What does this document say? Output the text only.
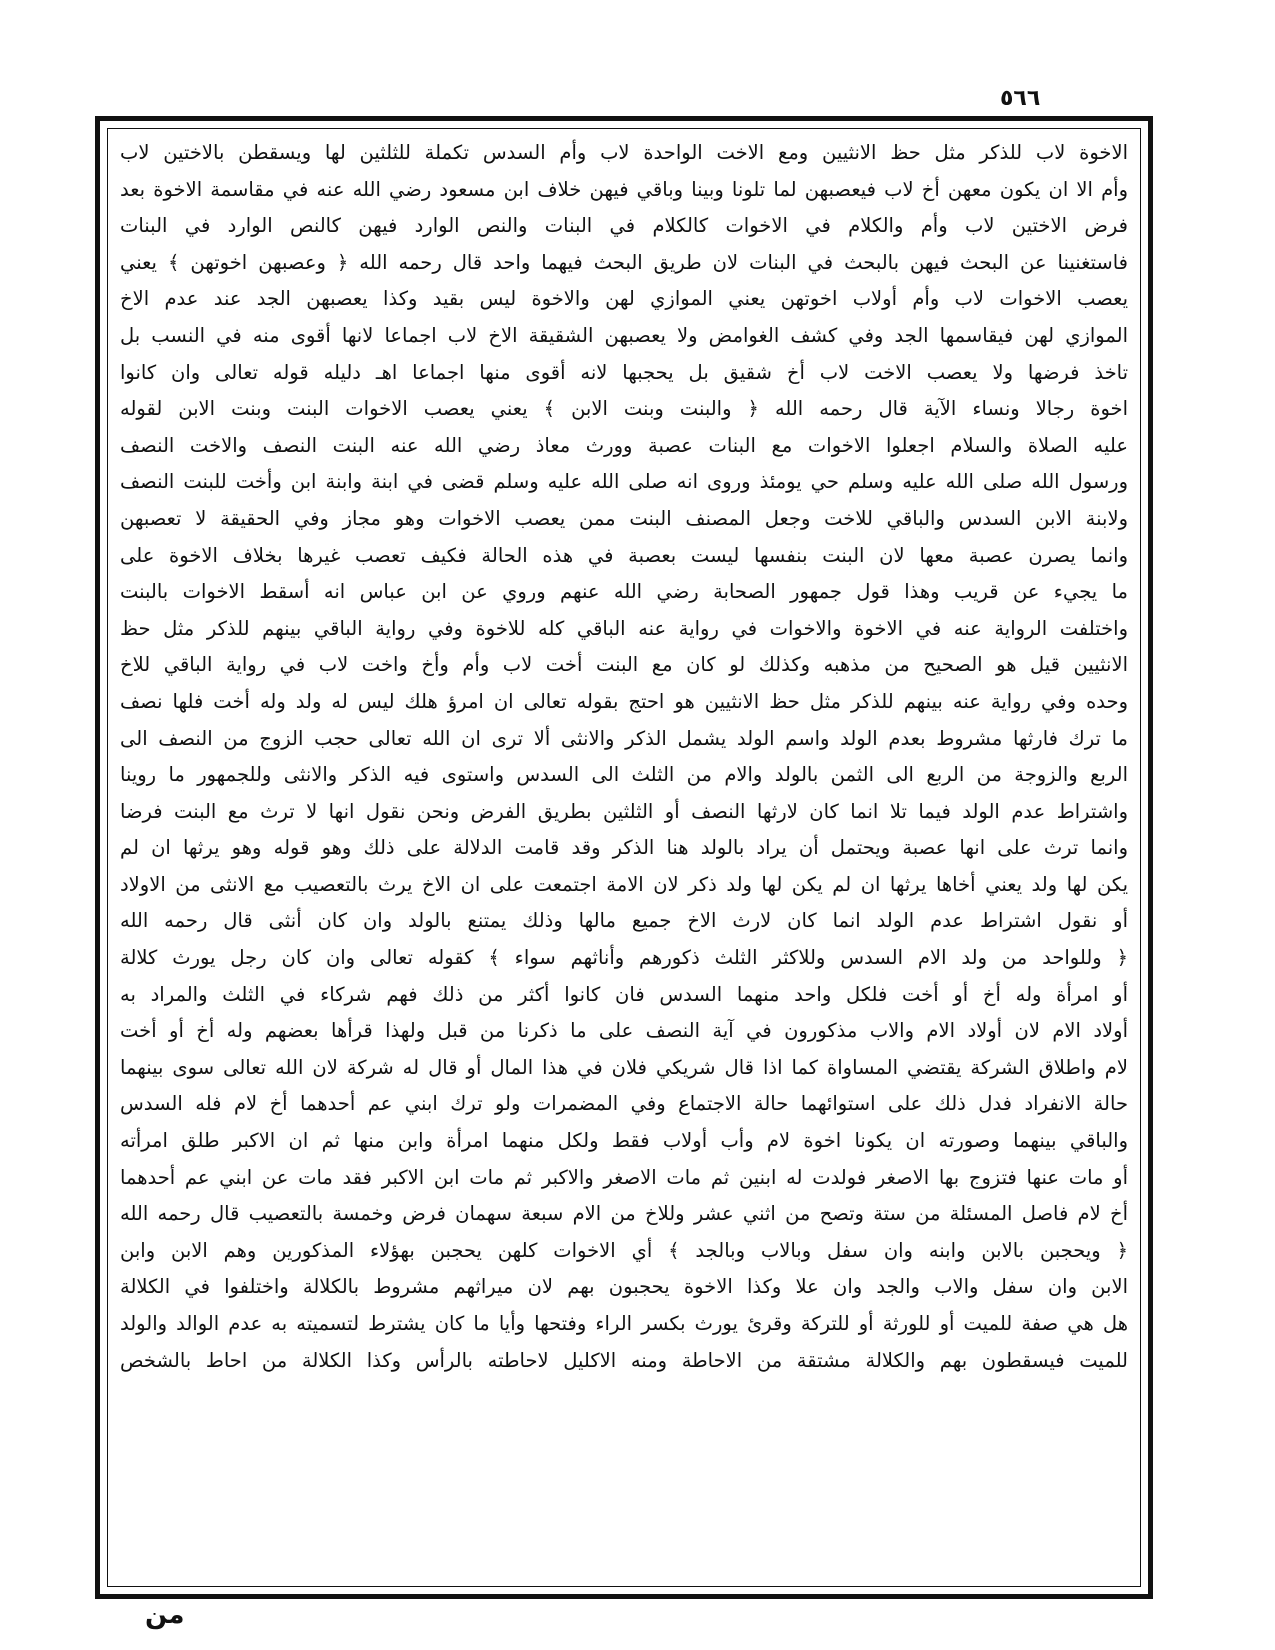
٥٦٦
الاخوة لاب للذكر مثل حظ الانثيين ومع الاخت الواحدة لاب وأم السدس تكملة للثلثين لها ويسقطن بالاختين لاب
وأم الا ان يكون معهن أخ لاب فيعصبهن لما تلونا وبينا وباقي فيهن خلاف ابن مسعود رضي الله عنه في مقاسمة الاخوة بعد
فرض الاختين لاب وأم والكلام في الاخوات كالكلام في البنات والنص الوارد فيهن كالنص الوارد في البنات
فاستغنينا عن البحث فيهن بالبحث في البنات لان طريق البحث فيهما واحد قال رحمه الله ﴿ وعصبهن اخوتهن ﴾ يعني
يعصب الاخوات لاب وأم أولاب اخوتهن يعني الموازي لهن والاخوة ليس بقيد وكذا يعصبهن الجد عند عدم الاخ
الموازي لهن فيقاسمها الجد وفي كشف الغوامض ولا يعصبهن الشقيقة الاخ لاب اجماعا لانها أقوى منه في النسب بل
تاخذ فرضها ولا يعصب الاخت لاب أخ شقيق بل يحجبها لانه أقوى منها اجماعا اهـ دليله قوله تعالى وان كانوا
اخوة رجالا ونساء الآية قال رحمه الله ﴿ والبنت وبنت الابن ﴾ يعني يعصب الاخوات البنت وبنت الابن لقوله
عليه الصلاة والسلام اجعلوا الاخوات مع البنات عصبة وورث معاذ رضي الله عنه البنت النصف والاخت النصف
ورسول الله صلى الله عليه وسلم حي يومئذ وروى انه صلى الله عليه وسلم قضى في ابنة وابنة ابن وأخت للبنت النصف
ولابنة الابن السدس والباقي للاخت وجعل المصنف البنت ممن يعصب الاخوات وهو مجاز وفي الحقيقة لا تعصبهن
وانما يصرن عصبة معها لان البنت بنفسها ليست بعصبة في هذه الحالة فكيف تعصب غيرها بخلاف الاخوة على
ما يجيء عن قريب وهذا قول جمهور الصحابة رضي الله عنهم وروي عن ابن عباس انه أسقط الاخوات بالبنت
واختلفت الرواية عنه في الاخوة والاخوات في رواية عنه الباقي كله للاخوة وفي رواية الباقي بينهم للذكر مثل حظ
الانثيين قيل هو الصحيح من مذهبه وكذلك لو كان مع البنت أخت لاب وأم وأخ واخت لاب في رواية الباقي للاخ
وحده وفي رواية عنه بينهم للذكر مثل حظ الانثيين هو احتج بقوله تعالى ان امرؤ هلك ليس له ولد وله أخت فلها نصف
ما ترك فارثها مشروط بعدم الولد واسم الولد يشمل الذكر والانثى ألا ترى ان الله تعالى حجب الزوج من النصف الى
الربع والزوجة من الربع الى الثمن بالولد والام من الثلث الى السدس واستوى فيه الذكر والانثى وللجمهور ما روينا
واشتراط عدم الولد فيما تلا انما كان لارثها النصف أو الثلثين بطريق الفرض ونحن نقول انها لا ترث مع البنت فرضا
وانما ترث على انها عصبة ويحتمل أن يراد بالولد هنا الذكر وقد قامت الدلالة على ذلك وهو قوله وهو يرثها ان لم
يكن لها ولد يعني أخاها يرثها ان لم يكن لها ولد ذكر لان الامة اجتمعت على ان الاخ يرث بالتعصيب مع الانثى من الاولاد
أو نقول اشتراط عدم الولد انما كان لارث الاخ جميع مالها وذلك يمتنع بالولد وان كان أنثى قال رحمه الله
﴿ وللواحد من ولد الام السدس وللاكثر الثلث ذكورهم وأناثهم سواء ﴾ كقوله تعالى وان كان رجل يورث كلالة
أو امرأة وله أخ أو أخت فلكل واحد منهما السدس فان كانوا أكثر من ذلك فهم شركاء في الثلث والمراد به
أولاد الام لان أولاد الام والاب مذكورون في آية النصف على ما ذكرنا من قبل ولهذا قرأها بعضهم وله أخ أو أخت
لام واطلاق الشركة يقتضي المساواة كما اذا قال شريكي فلان في هذا المال أو قال له شركة لان الله تعالى سوى بينهما
حالة الانفراد فدل ذلك على استوائهما حالة الاجتماع وفي المضمرات ولو ترك ابني عم أحدهما أخ لام فله السدس
والباقي بينهما وصورته ان يكونا اخوة لام وأب أولاب فقط ولكل منهما امرأة وابن منها ثم ان الاكبر طلق امرأته
أو مات عنها فتزوج بها الاصغر فولدت له ابنين ثم مات الاصغر والاكبر ثم مات ابن الاكبر فقد مات عن ابني عم أحدهما
أخ لام فاصل المسئلة من ستة وتصح من اثني عشر وللاخ من الام سبعة سهمان فرض وخمسة بالتعصيب قال رحمه الله
﴿ ويحجبن بالابن وابنه وان سفل وبالاب وبالجد ﴾ أي الاخوات كلهن يحجبن بهؤلاء المذكورين وهم الابن وابن
الابن وان سفل والاب والجد وان علا وكذا الاخوة يحجبون بهم لان ميراثهم مشروط بالكلالة واختلفوا في الكلالة
هل هي صفة للميت أو للورثة أو للتركة وقرئ يورث بكسر الراء وفتحها وأيا ما كان يشترط لتسميته به عدم الوالد والولد
للميت فيسقطون بهم والكلالة مشتقة من الاحاطة ومنه الاكليل لاحاطته بالرأس وكذا الكلالة من احاط بالشخص
من
